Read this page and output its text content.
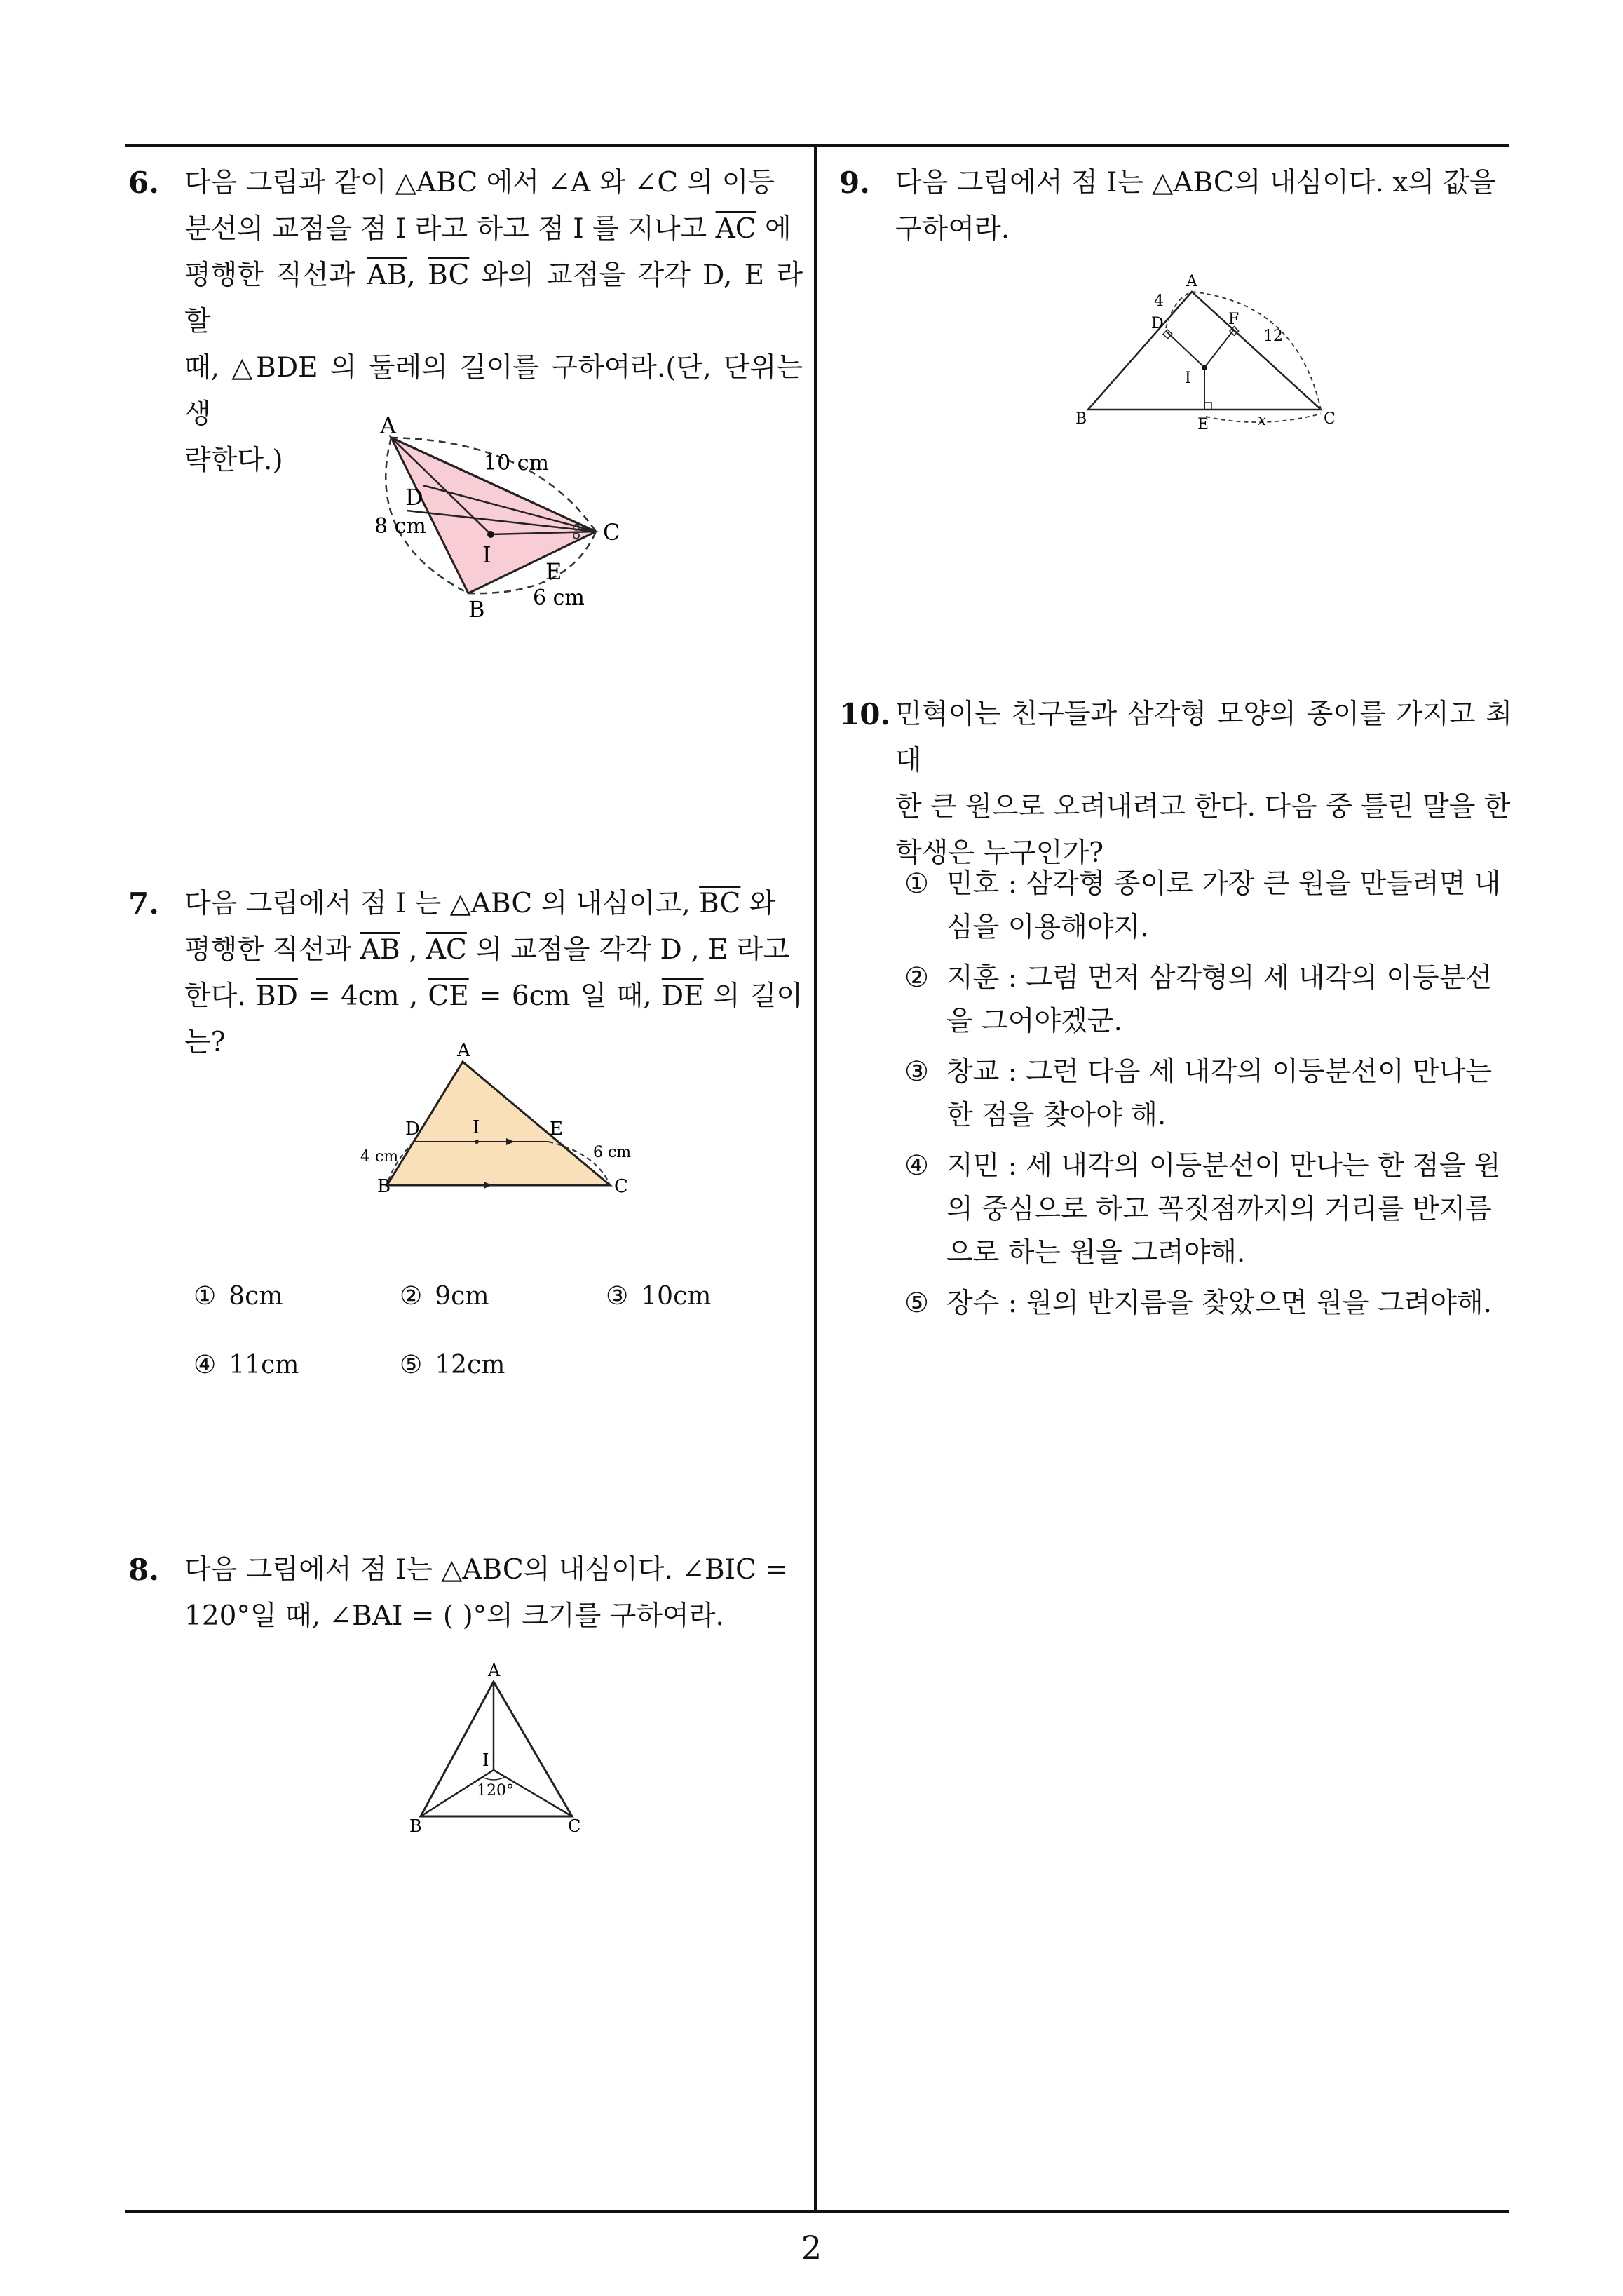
6. 다음 그림과 같이 △ABC 에서 ∠A 와 ∠C 의 이등

분선의 교점을 점 I 라고 하고 점 I 를 지나고 $\overline{AC}$ 에

평행한 직선과 $\overline{AB}$, $\overline{BC}$ 와의 교점을 각각 D, E 라 할

때, △BDE 의 둘레의 길이를 구하여라.(단, 단위는 생

략한다.)

A
B
C
D
E
I
10 cm
8 cm
6 cm
7. 다음 그림에서 점 I 는 △ABC 의 내심이고, $\overline{BC}$ 와

평행한 직선과 $\overline{AB}$ , $\overline{AC}$ 의 교점을 각각 D , E 라고

한다. $\overline{BD} = 4cm$ , $\overline{CE} = 6cm$ 일 때, $\overline{DE}$ 의 길이는?	A
B	C
D	E
I
4 cm	6 cm
① 8cm	② 9cm	③ 10cm
④ 11cm	⑤ 12cm
8. 다음 그림에서 점 I는 △ABC의 내심이다. ∠BIC =

120°일 때, ∠BAI = ( )°의 크기를 구하여라.

A
B	C
I
120°
9. 다음 그림에서 점 I는 △ABC의 내심이다. x의 값을

구하여라.

A
B	C
D
E
F
I
4
12
x
10. 민혁이는 친구들과 삼각형 모양의 종이를 가지고 최대

한 큰 원으로 오려내려고 한다. 다음 중 틀린 말을 한

학생은 누구인가?

① 민호 : 삼각형 종이로 가장 큰 원을 만들려면 내심을 이용해야지.
② 지훈 : 그럼 먼저 삼각형의 세 내각의 이등분선을 그어야겠군.
③ 창교 : 그런 다음 세 내각의 이등분선이 만나는 한 점을 찾아야 해.
④ 지민 : 세 내각의 이등분선이 만나는 한 점을 원의 중심으로 하고 꼭짓점까지의 거리를 반지름으로 하는 원을 그려야해.
⑤ 장수 : 원의 반지름을 찾았으면 원을 그려야해.
2
